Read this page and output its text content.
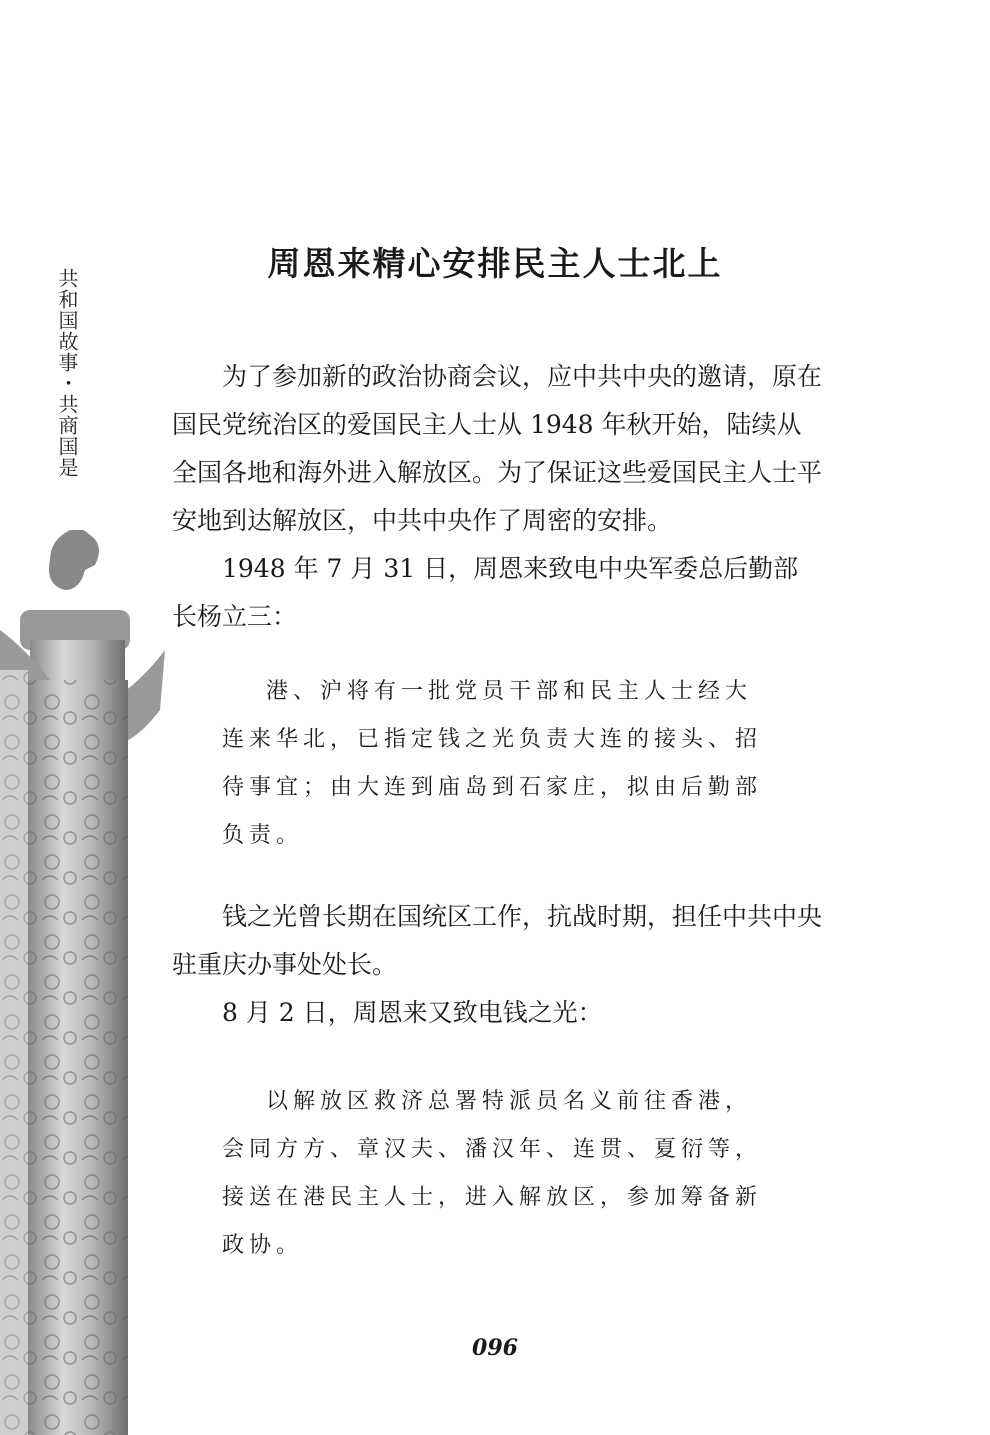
共和国故事・共商国是
周恩来精心安排民主人士北上

为了参加新的政治协商会议，应中共中央的邀请，原在国民党统治区的爱国民主人士从 1948 年秋开始，陆续从全国各地和海外进入解放区。为了保证这些爱国民主人士平安地到达解放区，中共中央作了周密的安排。

1948 年 7 月 31 日，周恩来致电中央军委总后勤部长杨立三：

港、沪将有一批党员干部和民主人士经大连来华北，已指定钱之光负责大连的接头、招待事宜；由大连到庙岛到石家庄，拟由后勤部负责。

钱之光曾长期在国统区工作，抗战时期，担任中共中央驻重庆办事处处长。

8 月 2 日，周恩来又致电钱之光：

以解放区救济总署特派员名义前往香港，会同方方、章汉夫、潘汉年、连贯、夏衍等，接送在港民主人士，进入解放区，参加筹备新政协。

096
